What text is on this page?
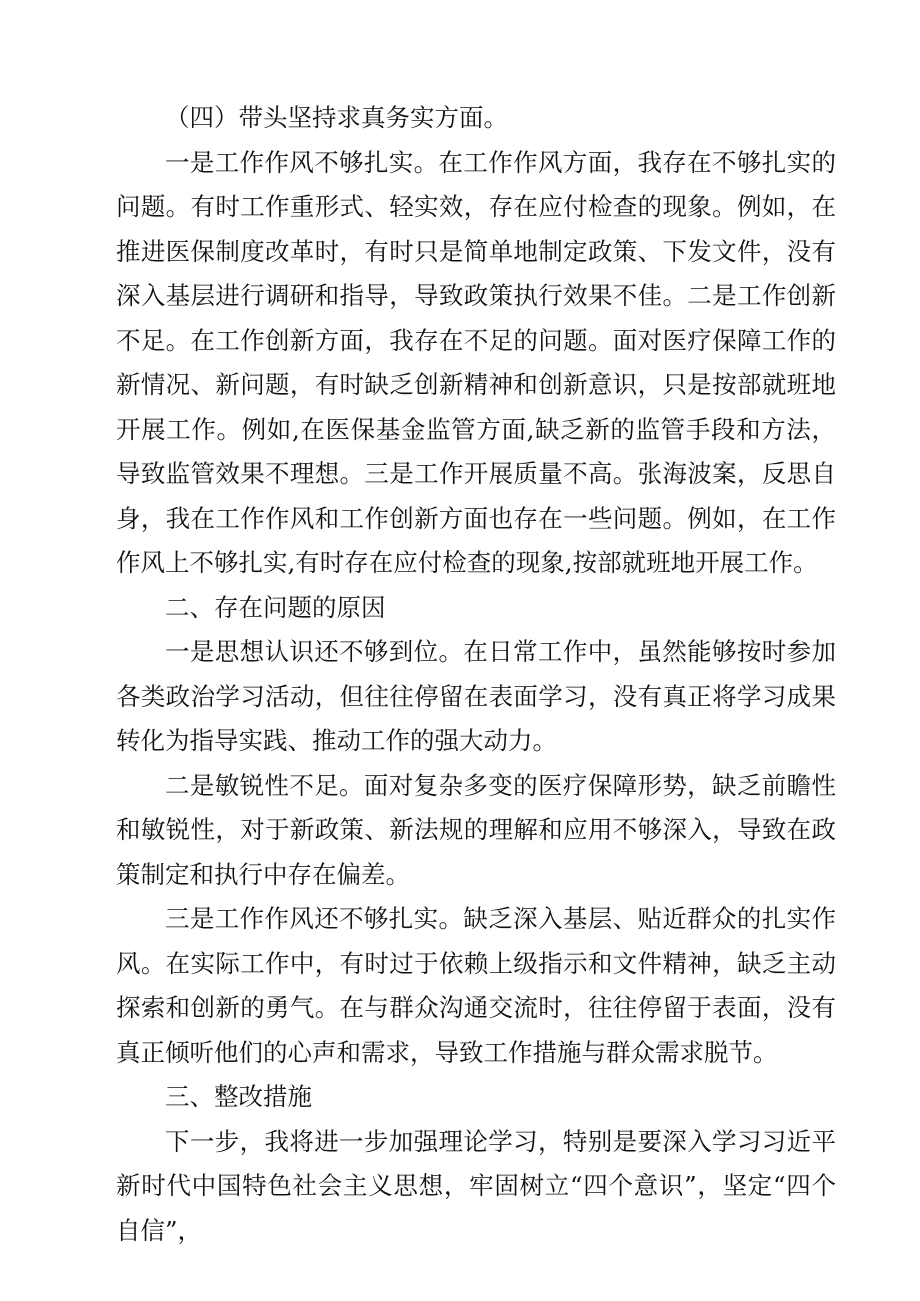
（四）带头坚持求真务实方面。

一是工作作风不够扎实。在工作作风方面，我存在不够扎实的问题。有时工作重形式、轻实效，存在应付检查的现象。例如，在推进医保制度改革时，有时只是简单地制定政策、下发文件，没有深入基层进行调研和指导，导致政策执行效果不佳。二是工作创新不足。在工作创新方面，我存在不足的问题。面对医疗保障工作的新情况、新问题，有时缺乏创新精神和创新意识，只是按部就班地开展工作。例如,在医保基金监管方面,缺乏新的监管手段和方法，导致监管效果不理想。三是工作开展质量不高。张海波案，反思自身，我在工作作风和工作创新方面也存在一些问题。例如，在工作作风上不够扎实,有时存在应付检查的现象,按部就班地开展工作。

二、存在问题的原因

一是思想认识还不够到位。在日常工作中，虽然能够按时参加各类政治学习活动，但往往停留在表面学习，没有真正将学习成果转化为指导实践、推动工作的强大动力。

二是敏锐性不足。面对复杂多变的医疗保障形势，缺乏前瞻性和敏锐性，对于新政策、新法规的理解和应用不够深入，导致在政策制定和执行中存在偏差。

三是工作作风还不够扎实。缺乏深入基层、贴近群众的扎实作风。在实际工作中，有时过于依赖上级指示和文件精神，缺乏主动探索和创新的勇气。在与群众沟通交流时，往往停留于表面，没有真正倾听他们的心声和需求，导致工作措施与群众需求脱节。

三、整改措施

下一步，我将进一步加强理论学习，特别是要深入学习习近平新时代中国特色社会主义思想，牢固树立“四个意识”，坚定“四个自信”，
